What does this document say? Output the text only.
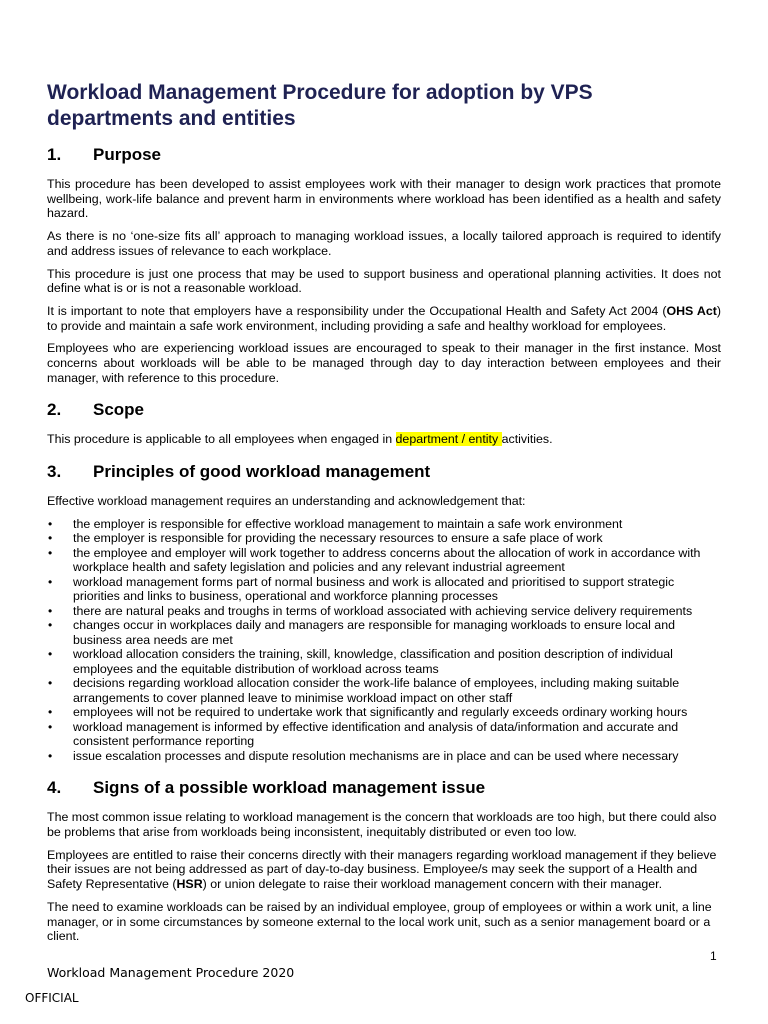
Workload Management Procedure for adoption by VPS departments and entities
1. Purpose

This procedure has been developed to assist employees work with their manager to design work practices that promote wellbeing, work-life balance and prevent harm in environments where workload has been identified as a health and safety hazard.

As there is no ‘one-size fits all’ approach to managing workload issues, a locally tailored approach is required to identify and address issues of relevance to each workplace.

This procedure is just one process that may be used to support business and operational planning activities. It does not define what is or is not a reasonable workload.

It is important to note that employers have a responsibility under the Occupational Health and Safety Act 2004 (OHS Act) to provide and maintain a safe work environment, including providing a safe and healthy workload for employees.

Employees who are experiencing workload issues are encouraged to speak to their manager in the first instance. Most concerns about workloads will be able to be managed through day to day interaction between employees and their manager, with reference to this procedure.

2. Scope

This procedure is applicable to all employees when engaged in department / entity activities.

3. Principles of good workload management

Effective workload management requires an understanding and acknowledgement that:

• the employer is responsible for effective workload management to maintain a safe work environment
• the employer is responsible for providing the necessary resources to ensure a safe place of work
• the employee and employer will work together to address concerns about the allocation of work in accordance with workplace health and safety legislation and policies and any relevant industrial agreement
• workload management forms part of normal business and work is allocated and prioritised to support strategic priorities and links to business, operational and workforce planning processes
• there are natural peaks and troughs in terms of workload associated with achieving service delivery requirements
• changes occur in workplaces daily and managers are responsible for managing workloads to ensure local and business area needs are met
• workload allocation considers the training, skill, knowledge, classification and position description of individual employees and the equitable distribution of workload across teams
• decisions regarding workload allocation consider the work-life balance of employees, including making suitable arrangements to cover planned leave to minimise workload impact on other staff
• employees will not be required to undertake work that significantly and regularly exceeds ordinary working hours
• workload management is informed by effective identification and analysis of data/information and accurate and consistent performance reporting
• issue escalation processes and dispute resolution mechanisms are in place and can be used where necessary
4. Signs of a possible workload management issue

The most common issue relating to workload management is the concern that workloads are too high, but there could also be problems that arise from workloads being inconsistent, inequitably distributed or even too low.

Employees are entitled to raise their concerns directly with their managers regarding workload management if they believe their issues are not being addressed as part of day-to-day business. Employee/s may seek the support of a Health and Safety Representative (HSR) or union delegate to raise their workload management concern with their manager.

The need to examine workloads can be raised by an individual employee, group of employees or within a work unit, a line manager, or in some circumstances by someone external to the local work unit, such as a senior management board or a client.

1
Workload Management Procedure 2020
OFFICIAL
